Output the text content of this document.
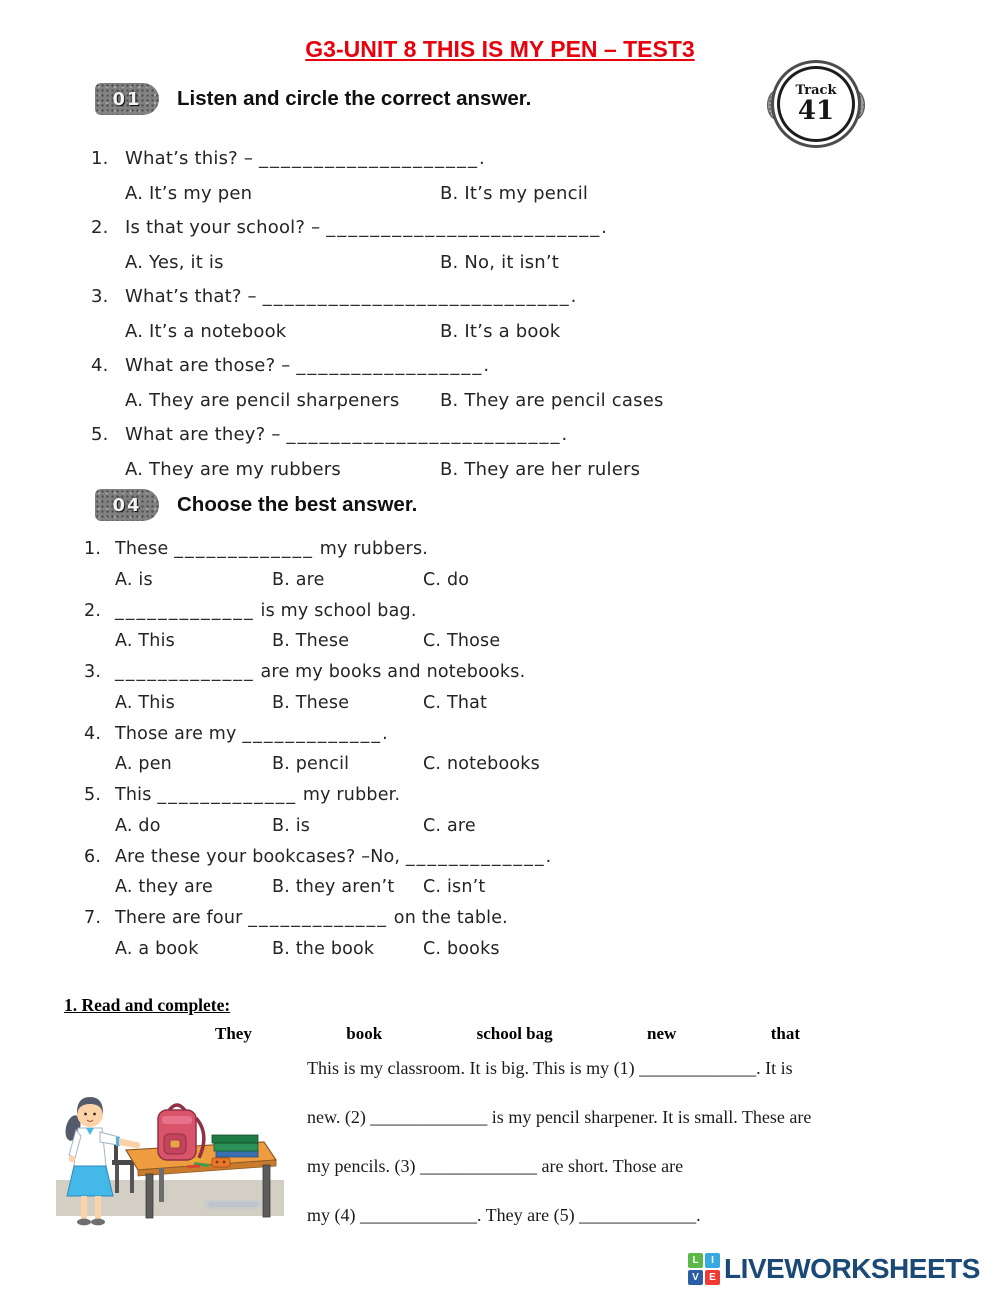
G3-UNIT 8 THIS IS MY PEN – TEST3
01	Listen and circle the correct answer.	Track
41
1. What’s this? – ____________________.
A. It’s my pen	B. It’s my pencil
2. Is that your school? – _________________________.
A. Yes, it is	B. No, it isn’t
3. What’s that? – ____________________________.
A. It’s a notebook	B. It’s a book
4. What are those? – _________________.
A. They are pencil sharpeners B. They are pencil cases
5. What are they? – _________________________.
A. They are my rubbers	B. They are her rulers
04	Choose the best answer.
1. These _____________ my rubbers.
A. is	B. are	C. do
2. _____________ is my school bag.
A. This	B. These	C. Those
3. _____________ are my books and notebooks.
A. This	B. These	C. That
4. Those are my _____________.
A. pen	B. pencil	C. notebooks
5. This _____________ my rubber.
A. do	B. is	C. are
6. Are these your bookcases? –No, _____________.
A. they are	B. they aren’t C. isn’t
7. There are four _____________ on the table.
A. a book	B. the book	C. books
1. Read and complete:
They	book	school bag	new	that
This is my classroom. It is big. This is my (1) _____________. It is
new. (2) _____________ is my pencil sharpener. It is small. These are
my pencils. (3) _____________ are short. Those are
my (4) _____________. They are (5) _____________.
L	I
V	E LIVEWORKSHEETS
